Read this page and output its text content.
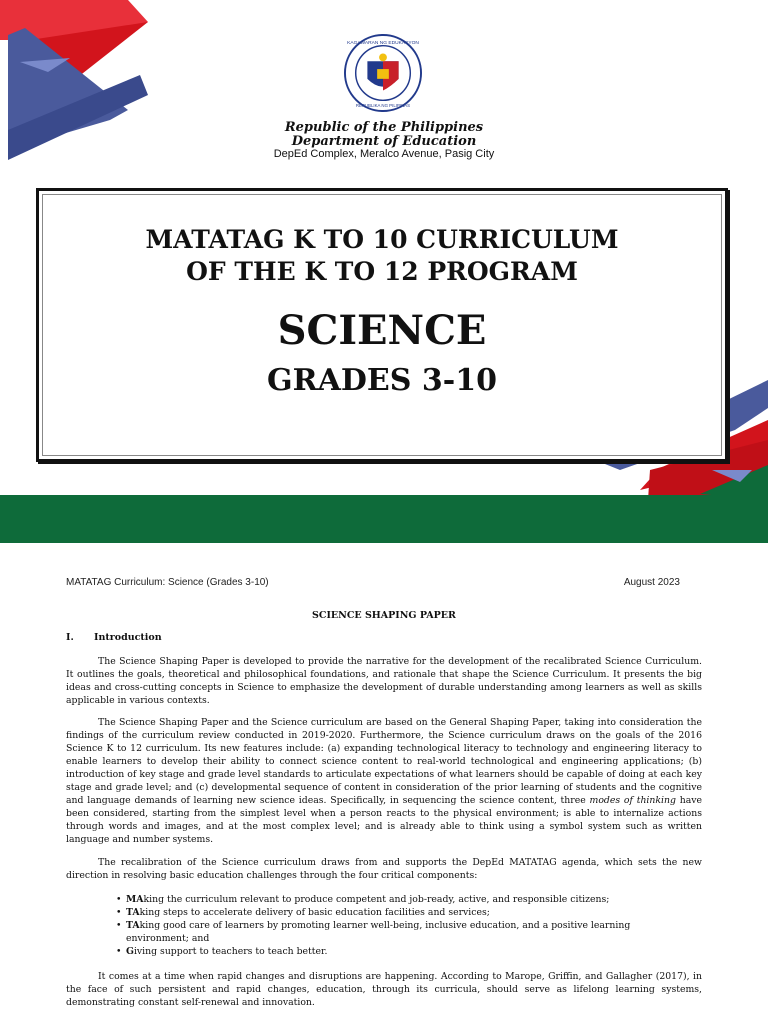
KAGAWARAN NG EDUKASYON
REPUBLIKA NG PILIPINAS
Republic of the Philippines
Department of Education
DepEd Complex, Meralco Avenue, Pasig City
MATATAG K TO 10 CURRICULUM
OF THE K TO 12 PROGRAM
SCIENCE
GRADES 3-10
MATATAG Curriculum: Science (Grades 3-10)	August 2023
SCIENCE SHAPING PAPER
I. Introduction

The Science Shaping Paper is developed to provide the narrative for the development of the recalibrated Science Curriculum. It outlines the goals, theoretical and philosophical foundations, and rationale that shape the Science Curriculum. It presents the big ideas and cross-cutting concepts in Science to emphasize the development of durable understanding among learners as well as skills applicable in various contexts.

The Science Shaping Paper and the Science curriculum are based on the General Shaping Paper, taking into consideration the findings of the curriculum review conducted in 2019-2020. Furthermore, the Science curriculum draws on the goals of the 2016 Science K to 12 curriculum. Its new features include: (a) expanding technological literacy to technology and engineering literacy to enable learners to develop their ability to connect science content to real-world technological and engineering applications; (b) introduction of key stage and grade level standards to articulate expectations of what learners should be capable of doing at each key stage and grade level; and (c) developmental sequence of content in consideration of the prior learning of students and the cognitive and language demands of learning new science ideas. Specifically, in sequencing the science content, three modes of thinking have been considered, starting from the simplest level when a person reacts to the physical environment; is able to internalize actions through words and images, and at the most complex level; and is already able to think using a symbol system such as written language and number systems.

The recalibration of the Science curriculum draws from and supports the DepEd MATATAG agenda, which sets the new direction in resolving basic education challenges through the four critical components:

• MAking the curriculum relevant to produce competent and job-ready, active, and responsible citizens;
• TAking steps to accelerate delivery of basic education facilities and services;
• TAking good care of learners by promoting learner well-being, inclusive education, and a positive learning environment; and
• Giving support to teachers to teach better.

It comes at a time when rapid changes and disruptions are happening. According to Marope, Griffin, and Gallagher (2017), in the face of such persistent and rapid changes, education, through its curricula, should serve as lifelong learning systems, demonstrating constant self-renewal and innovation.
